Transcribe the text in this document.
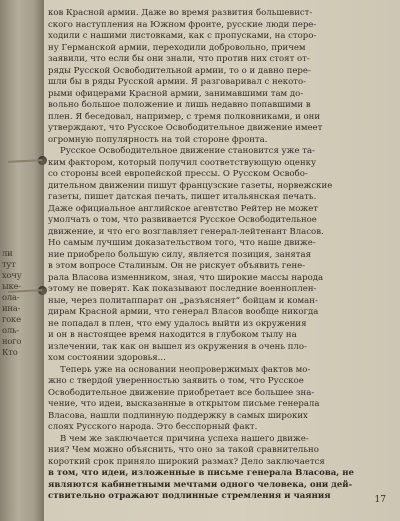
ли
тут
хочу
ыке-
ола-
ина-
гоке
оль-
ного
Кто
ков Красной армии. Даже во время развития большевист-
ского наступления на Южном фронте, русские люди пере-
ходили с нашими листовками, как с пропусками, на сторо-
ну Германской армии, переходили добровольно, причем
заявили, что если бы они знали, что против них стоят от-
ряды Русской Освободительной армии, то о и давно пере-
шли бы в ряды Русской армии. Я разговаривал с некото-
рыми офицерами Красной армии, занимавшими там до-
вольно большое положение и лишь недавно попавшими в
плен. Я беседовал, например, с тремя полковниками, и они
утверждают, что Русское Освободительное движение имеет
огромную популярность на той стороне фронта.
Русское Освободительное движение становится уже та-
ким фактором, который получил соответствующую оценку
со стороны всей европейской прессы. О Русском Освобо-
дительном движении пишут французские газеты, норвежские
газеты, пишет датская печать, пишет итальянская печать.
Даже официальное английское агентство Рейтер не может
умолчать о том, что развивается Русское Освободительное
движение, и что его возглавляет генерал-лейтенант Власов.
Но самым лучшим доказательством того, что наше движе-
ние приобрело большую силу, является позиция, занятая
в этом вопросе Сталиным. Он не рискует объявить гене-
рала Власова изменником, зная, что широкие массы народа
этому не поверят. Как показывают последние военноплен-
ные, через политаппарат он „разъясняет“ бойцам и коман-
дирам Красной армии, что генерал Власов вообще никогда
не попадал в плен, что ему удалось выйти из окружения
и он в настоящее время находится в глубоком тылу на
излечении, так как он вышел из окружения в очень пло-
хом состоянии здоровья...
Теперь уже на основании неопровержимых фактов мо-
жно с твердой уверенностью заявить о том, что Русское
Освободительное движение приобретает все большее зна-
чение, что идеи, высказанные в открытом письме генерала
Власова, нашли подлинную поддержку в самых широких
слоях Русского народа. Это бесспорный факт.
В чем же заключается причина успеха нашего движе-
ния? Чем можно объяснить, что оно за такой сравнительно
короткий срок приняло широкий размах? Дело заключается
в том, что идеи, изложенные в письме генерала Власова, не
являются кабинетными мечтами одного человека, они дей-
ствительно отражают подлинные стремления и чаяния	17
